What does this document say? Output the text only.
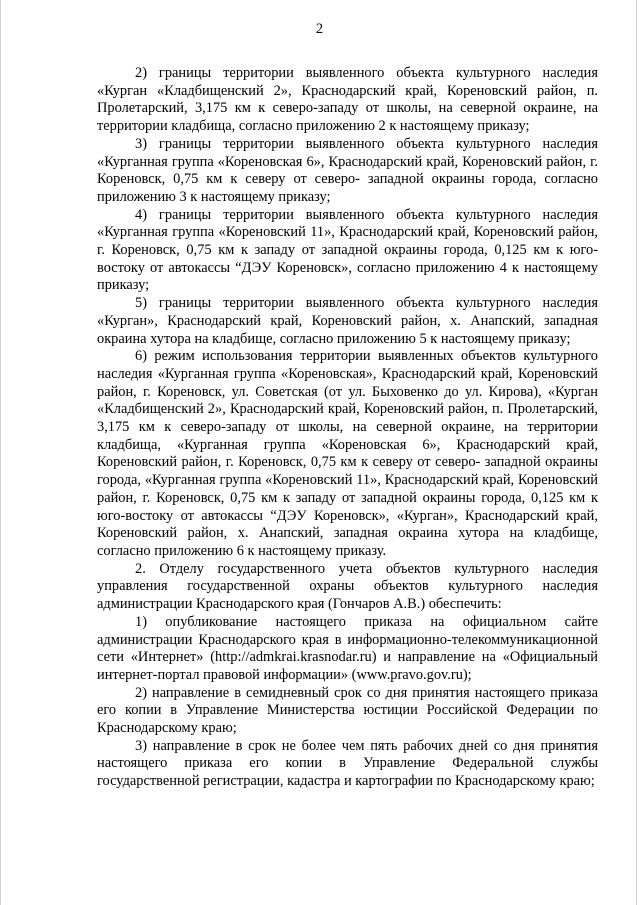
2

2) границы территории выявленного объекта культурного наследия «Курган «Кладбищенский 2», Краснодарский край, Кореновский район, п. Пролетарский, 3,175 км к северо-западу от школы, на северной окраине, на территории кладбища, согласно приложению 2 к настоящему приказу;

3) границы территории выявленного объекта культурного наследия «Курганная группа «Кореновская 6», Краснодарский край, Кореновский район, г. Кореновск, 0,75 км к северу от северо- западной окраины города, согласно приложению 3 к настоящему приказу;

4) границы территории выявленного объекта культурного наследия «Курганная группа «Кореновский 11», Краснодарский край, Кореновский район, г. Кореновск, 0,75 км к западу от западной окраины города, 0,125 км к юго-востоку от автокассы “ДЭУ Кореновск», согласно приложению 4 к настоящему приказу;

5) границы территории выявленного объекта культурного наследия «Курган», Краснодарский край, Кореновский район, х. Анапский, западная окраина хутора на кладбище, согласно приложению 5 к настоящему приказу;

6) режим использования территории выявленных объектов культурного наследия «Курганная группа «Кореновская», Краснодарский край, Кореновский район, г. Кореновск, ул. Советская (от ул. Быховенко до ул. Кирова), «Курган «Кладбищенский 2», Краснодарский край, Кореновский район, п. Пролетарский, 3,175 км к северо-западу от школы, на северной окраине, на территории кладбища, «Курганная группа «Кореновская 6», Краснодарский край, Кореновский район, г. Кореновск, 0,75 км к северу от северо- западной окраины города, «Курганная группа «Кореновский 11», Краснодарский край, Кореновский район, г. Кореновск, 0,75 км к западу от западной окраины города, 0,125 км к юго-востоку от автокассы “ДЭУ Кореновск», «Курган», Краснодарский край, Кореновский район, х. Анапский, западная окраина хутора на кладбище, согласно приложению 6 к настоящему приказу.

2. Отделу государственного учета объектов культурного наследия управления государственной охраны объектов культурного наследия администрации Краснодарского края (Гончаров А.В.) обеспечить:

1) опубликование настоящего приказа на официальном сайте администрации Краснодарского края в информационно-телекоммуникационной сети «Интернет» (http://admkrai.krasnodar.ru) и направление на «Официальный интернет-портал правовой информации» (www.pravo.gov.ru);

2) направление в семидневный срок со дня принятия настоящего приказа его копии в Управление Министерства юстиции Российской Федерации по Краснодарскому краю;

3) направление в срок не более чем пять рабочих дней со дня принятия настоящего приказа его копии в Управление Федеральной службы государственной регистрации, кадастра и картографии по Краснодарскому краю;
